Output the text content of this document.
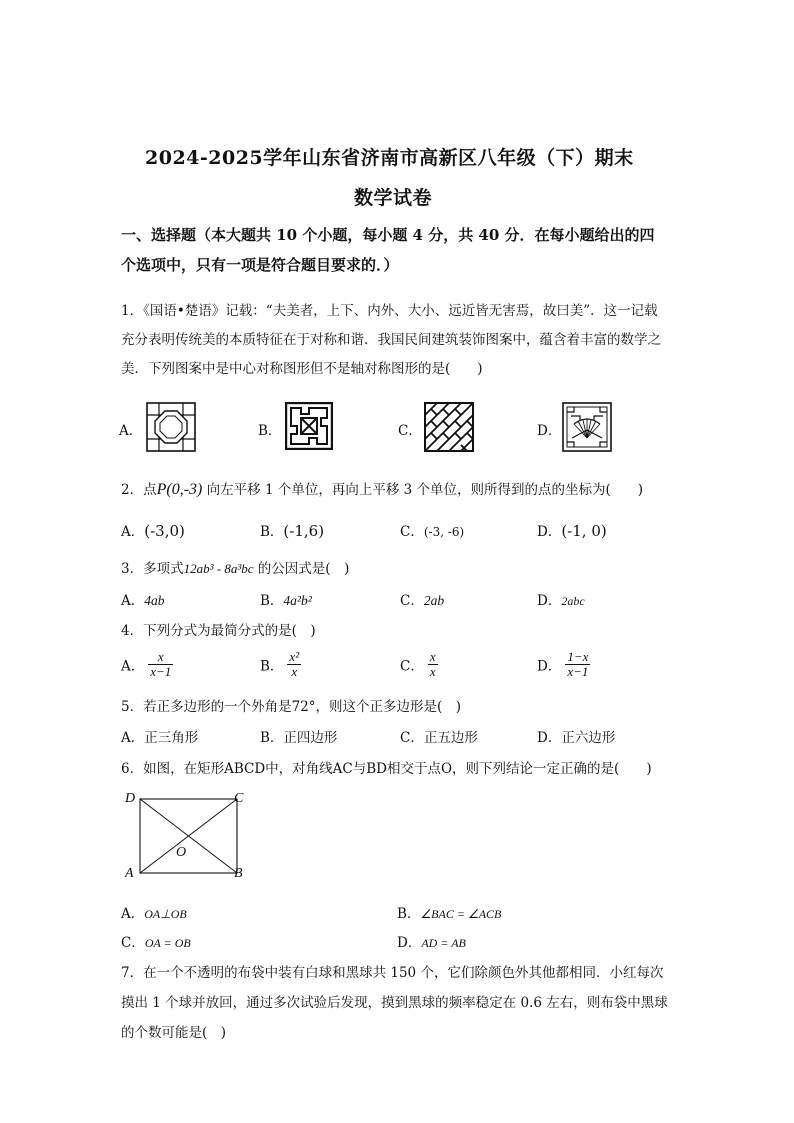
2024-2025学年山东省济南市高新区八年级（下）期末
数学试卷
一、选择题（本大题共 10 个小题，每小题 4 分，共 40 分．在每小题给出的四
个选项中，只有一项是符合题目要求的．）
1．《国语•楚语》记载：“夫美者，上下、内外、大小、远近皆无害焉，故曰美”．这一记载
充分表明传统美的本质特征在于对称和谐．我国民间建筑装饰图案中，蕴含着丰富的数学之
美．下列图案中是中心对称图形但不是轴对称图形的是(　　)
A．	B．	C．	D．
2．点P(0,-3) 向左平移 1 个单位，再向上平移 3 个单位，则所得到的点的坐标为(　　)
A．(-3,0)	B．(-1,6)	C．(-3, -6)	D．(-1, 0)
3．多项式12ab³ - 8a³bc 的公因式是(　)
A．4ab	B．4a²b²	C．2ab	D．2abc
4．下列分式为最简分式的是(　)
A． $\frac{x}{x-1}$	B． $\frac{\text{x²}}{x}$	C． $\frac{x}{x}$	D． $\frac{1-x}{x-1}$
5．若正多边形的一个外角是72°，则这个正多边形是(　)
A．正三角形	B．正四边形	C．正五边形	D．正六边形
6．如图，在矩形ABCD中，对角线AC与BD相交于点O，则下列结论一定正确的是(　　)
D	C
O
A	B
A．OA⊥OB	B．∠BAC = ∠ACB
C．OA = OB	D．AD = AB
7．在一个不透明的布袋中装有白球和黑球共 150 个，它们除颜色外其他都相同．小红每次
摸出 1 个球并放回，通过多次试验后发现，摸到黑球的频率稳定在 0.6 左右，则布袋中黑球
的个数可能是(　)
